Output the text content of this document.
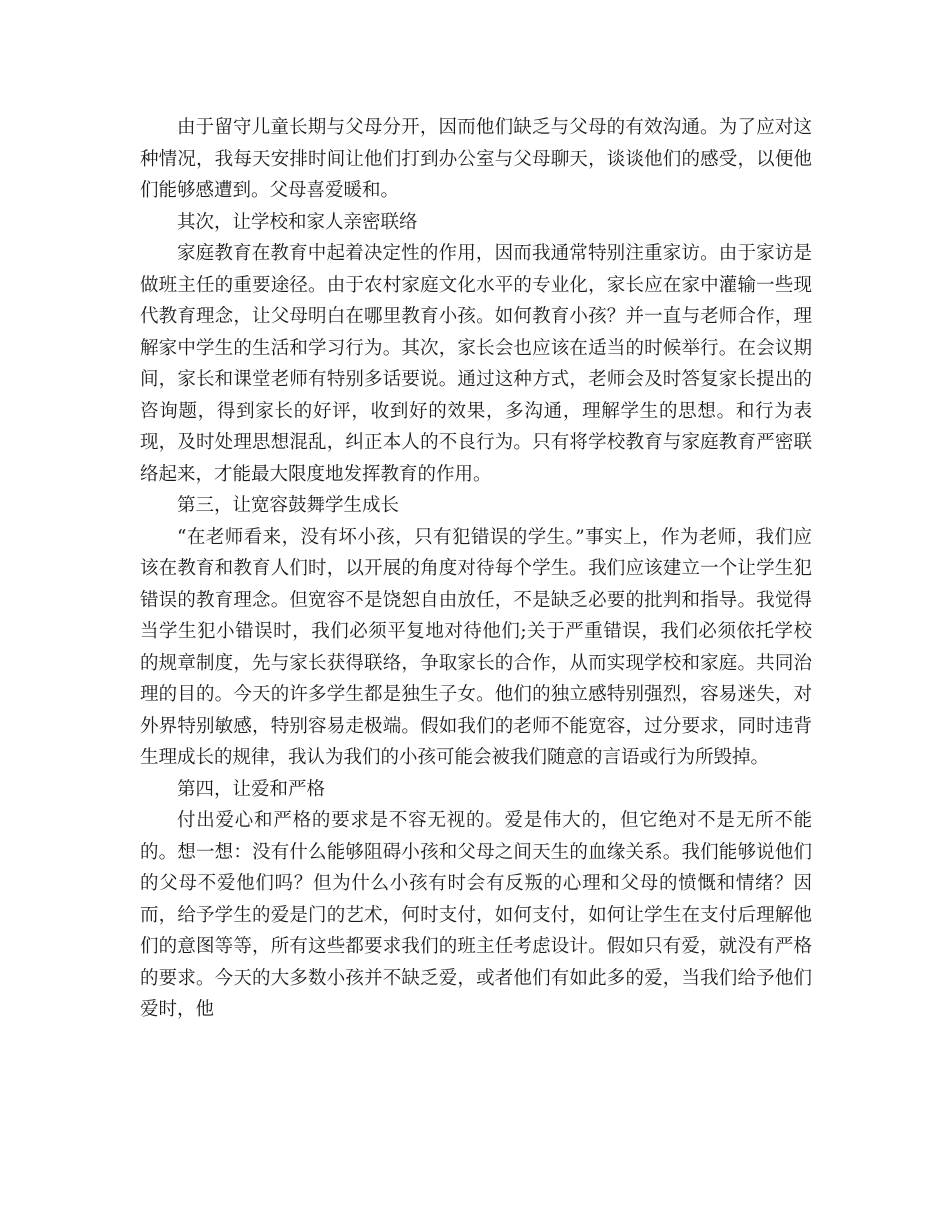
由于留守儿童长期与父母分开，因而他们缺乏与父母的有效沟通。为了应对这种情况，我每天安排时间让他们打到办公室与父母聊天，谈谈他们的感受，以便他们能够感遭到。父母喜爱暖和。

其次，让学校和家人亲密联络

家庭教育在教育中起着决定性的作用，因而我通常特别注重家访。由于家访是做班主任的重要途径。由于农村家庭文化水平的专业化，家长应在家中灌输一些现代教育理念，让父母明白在哪里教育小孩。如何教育小孩？并一直与老师合作，理解家中学生的生活和学习行为。其次，家长会也应该在适当的时候举行。在会议期间，家长和课堂老师有特别多话要说。通过这种方式，老师会及时答复家长提出的咨询题，得到家长的好评，收到好的效果，多沟通，理解学生的思想。和行为表现，及时处理思想混乱，纠正本人的不良行为。只有将学校教育与家庭教育严密联络起来，才能最大限度地发挥教育的作用。

第三，让宽容鼓舞学生成长

“在老师看来，没有坏小孩，只有犯错误的学生。”事实上，作为老师，我们应该在教育和教育人们时，以开展的角度对待每个学生。我们应该建立一个让学生犯错误的教育理念。但宽容不是饶恕自由放任，不是缺乏必要的批判和指导。我觉得当学生犯小错误时，我们必须平复地对待他们;关于严重错误，我们必须依托学校的规章制度，先与家长获得联络，争取家长的合作，从而实现学校和家庭。共同治理的目的。今天的许多学生都是独生子女。他们的独立感特别强烈，容易迷失，对外界特别敏感，特别容易走极端。假如我们的老师不能宽容，过分要求，同时违背生理成长的规律，我认为我们的小孩可能会被我们随意的言语或行为所毁掉。

第四，让爱和严格

付出爱心和严格的要求是不容无视的。爱是伟大的，但它绝对不是无所不能的。想一想：没有什么能够阻碍小孩和父母之间天生的血缘关系。我们能够说他们的父母不爱他们吗？但为什么小孩有时会有反叛的心理和父母的愤慨和情绪？因而，给予学生的爱是门的艺术，何时支付，如何支付，如何让学生在支付后理解他们的意图等等，所有这些都要求我们的班主任考虑设计。假如只有爱，就没有严格的要求。今天的大多数小孩并不缺乏爱，或者他们有如此多的爱，当我们给予他们爱时，他
